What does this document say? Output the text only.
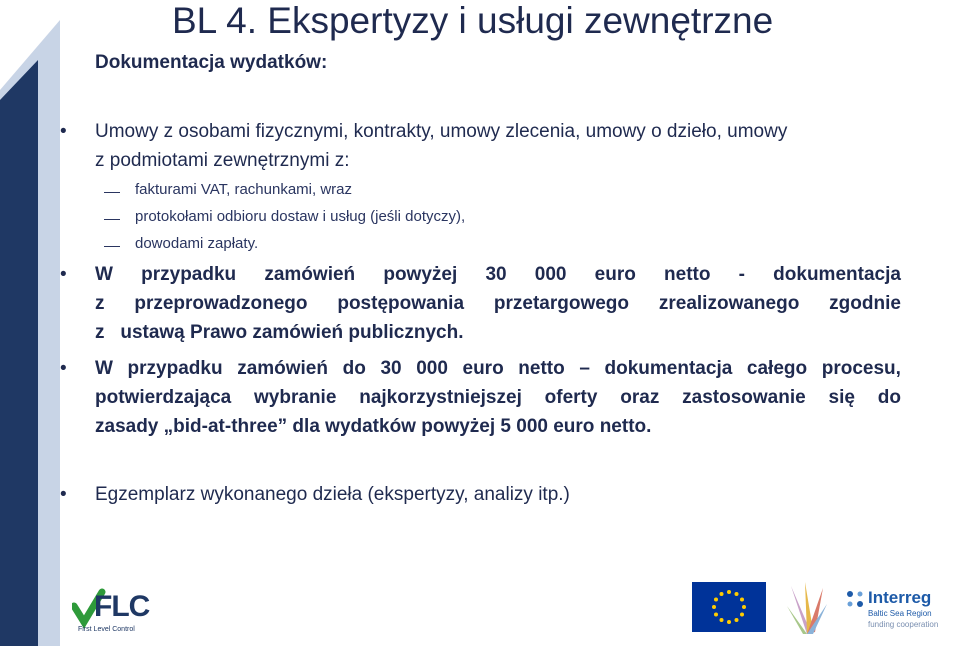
BL 4. Ekspertyzy i usługi zewnętrzne
Dokumentacja wydatków:
• Umowy z osobami fizycznymi, kontrakty, umowy zlecenia, umowy o dzieło, umowy
z podmiotami zewnętrznymi z:
fakturami VAT, rachunkami, wraz
protokołami odbioru dostaw i usług (jeśli dotyczy),
dowodami zapłaty.
• W przypadku zamówień powyżej 30 000 euro netto - dokumentacja
z przeprowadzonego postępowania przetargowego zrealizowanego zgodnie
z   ustawą Prawo zamówień publicznych.
• W przypadku zamówień do 30 000 euro netto – dokumentacja całego procesu,
potwierdzająca wybranie najkorzystniejszej oferty oraz zastosowanie się do
zasady „bid-at-three” dla wydatków powyżej 5 000 euro netto.
• Egzemplarz wykonanego dzieła (ekspertyzy, analizy itp.)
FLC
First Level Control
Interreg
Baltic Sea Region
funding cooperation
